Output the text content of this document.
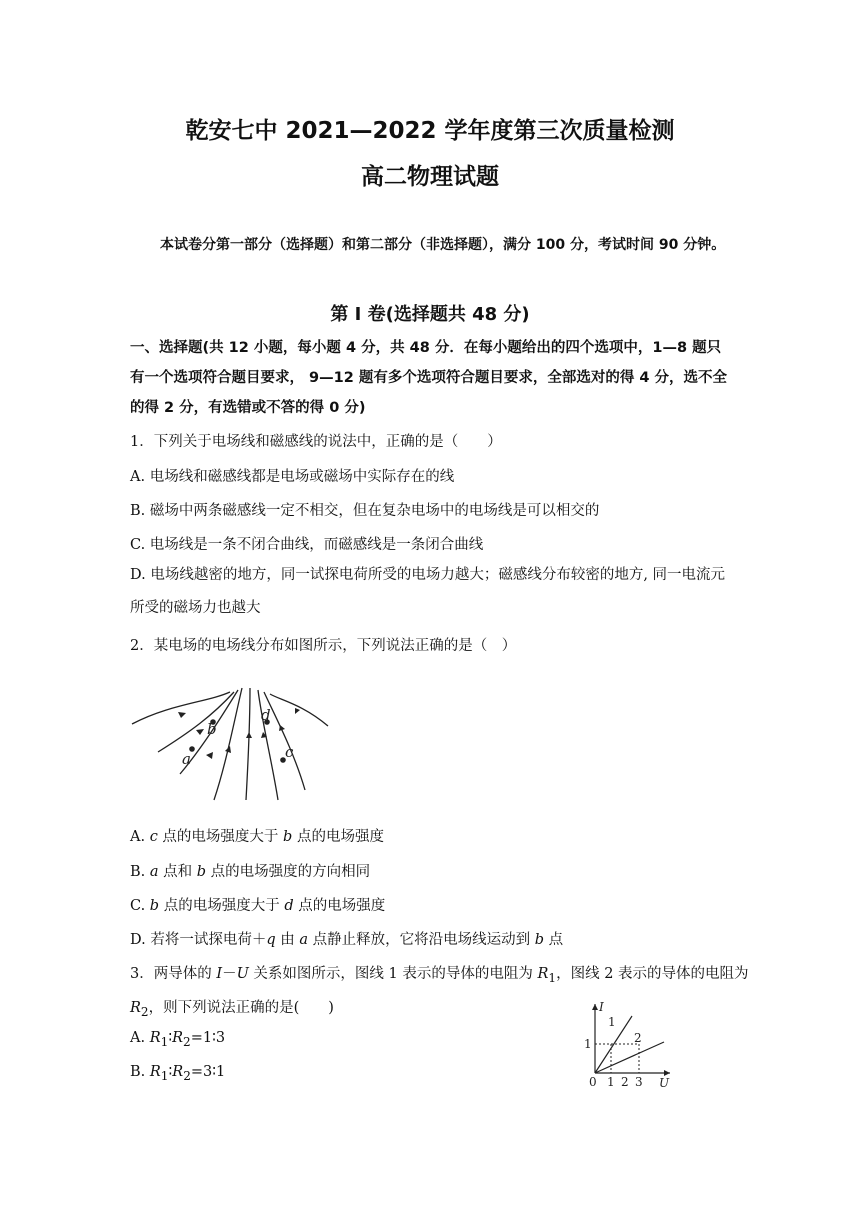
乾安七中 2021—2022 学年度第三次质量检测
高二物理试题
本试卷分第一部分（选择题）和第二部分（非选择题），满分 100 分，考试时间 90 分钟。
第 I 卷(选择题共 48 分)
一、选择题(共 12 小题，每小题 4 分，共 48 分．在每小题给出的四个选项中，1—8 题只有一个选项符合题目要求， 9—12 题有多个选项符合题目要求，全部选对的得 4 分，选不全的得 2 分，有选错或不答的得 0 分)
1．下列关于电场线和磁感线的说法中，正确的是（　　）
A. 电场线和磁感线都是电场或磁场中实际存在的线
B. 磁场中两条磁感线一定不相交，但在复杂电场中的电场线是可以相交的
C. 电场线是一条不闭合曲线，而磁感线是一条闭合曲线
D. 电场线越密的地方，同一试探电荷所受的电场力越大；磁感线分布较密的地方, 同一电流元所受的磁场力也越大
2．某电场的电场线分布如图所示，下列说法正确的是（　）
a
b
c
d
A. c 点的电场强度大于 b 点的电场强度
B. a 点和 b 点的电场强度的方向相同
C. b 点的电场强度大于 d 点的电场强度
D. 若将一试探电荷＋q 由 a 点静止释放，它将沿电场线运动到 b 点
3．两导体的 I－U 关系如图所示，图线 1 表示的导体的电阻为 $R_1$，图线 2 表示的导体的电阻为
$R_2$，则下列说法正确的是(　　)
A. $R_1∶R_2=1∶3$
B. $R_1∶R_2=3∶1$
I
U
0 1 2 3
1
1
2
